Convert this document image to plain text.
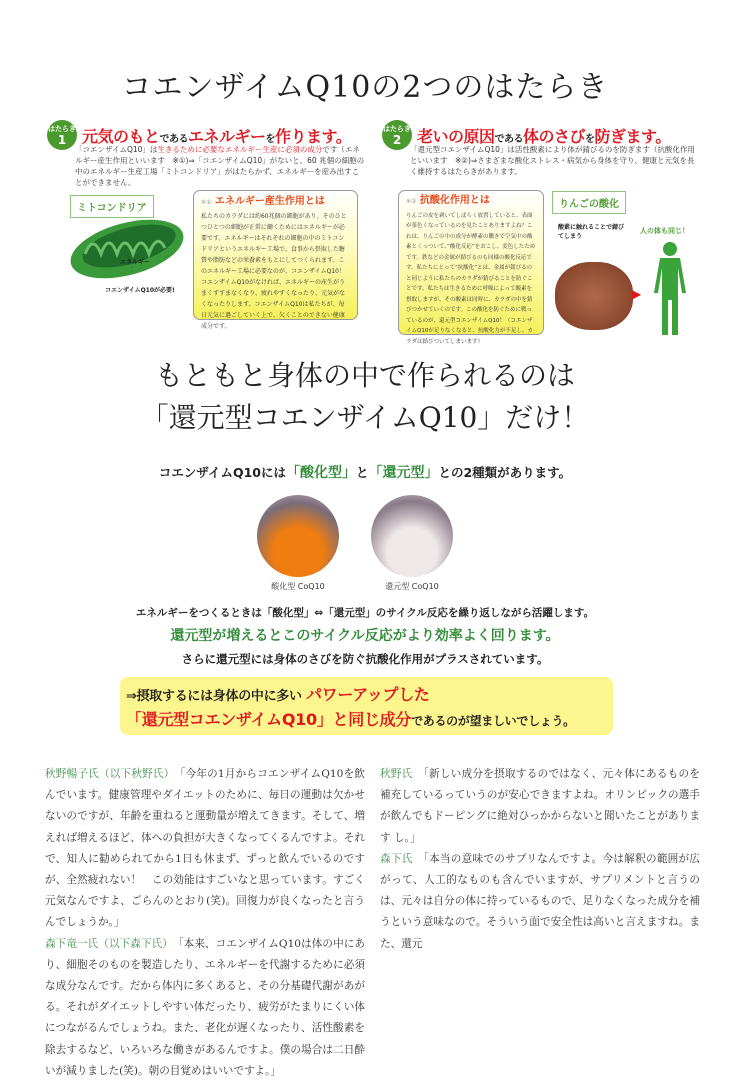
コエンザイムQ10の2つのはたらき
はたらき
1 元気のもとであるエネルギーを作ります。
「コエンザイムQ10」は生きるために必要なエネルギー生産に必須の成分です（エネルギー産生作用といいます　※①)⇒「コエンザイムQ10」がないと、60 兆個の細胞の中のエネルギー生産工場「ミトコンドリア」がはたらかず、エネルギーを産み出すことができません。
ミトコンドリア
エネルギー
↑
コエンザイムQ10が必要!
※① エネルギー産生作用とは
私たちのカラダには約60兆個の細胞があり、そのひとつひとつの細胞が正常に働くためにはエネルギーが必要です。エネルギーはそれぞれの細胞の中のミトコンドリアというエネルギー工場で、食事から摂取した糖質や脂肪などの栄養素をもとにしてつくられます。このエネルギー工場に必要なのが、コエンザイムQ10！コエンザイムQ10がなければ、エネルギーの産生がうまくすすまなくなり、疲れやすくなったり、元気がなくなったりします。コエンザイムQ10は私たちが、毎日元気に過ごしていく上で、欠くことのできない健康成分です。
はたらき
2 老いの原因である体のさびを防ぎます。
「還元型コエンザイムQ10」は活性酸素により体が錆びるのを防ぎます（抗酸化作用といいます　※②)⇒さまざまな酸化ストレス・病気から身体を守り、健康と元気を長く維持するはたらきがあります。
※② 抗酸化作用とは
りんごの皮を剥いてしばらく放置していると、表面が茶色くなっているのを見たことありますよね？これは、りんごの中の成分が酵素の働きで空気中の酸素とくっついて、”酸化反応”をおこし、変色したためです。鉄などの金属が錆びるのも同様の酸化反応です。私たちにとって”抗酸化”とは、金属が錆びるのと同じように私たちのカラダが錆びることを防ぐことです。私たちは生きるために呼吸によって酸素を摂取しますが、その酸素は同時に、カラダの中を錆びつかせていくのです。この酸化を防ぐために戦っているのが、還元型コエンザイムQ10！（コエンザイムQ10が足りなくなると、抗酸化力が不足し、カラダは錆びついてしまいます）
りんごの酸化
酸素に触れることで錆びてしまう
▶
人の体も同じ！
もともと身体の中で作られるのは
「還元型コエンザイムQ10」だけ！
コエンザイムQ10には「酸化型」と「還元型」との2種類があります。
酸化型 CoQ10	還元型 CoQ10
エネルギーをつくるときは「酸化型」⇔「還元型」のサイクル反応を繰り返しながら活躍します。
還元型が増えるとこのサイクル反応がより効率よく回ります。
さらに還元型には身体のさびを防ぐ抗酸化作用がプラスされています。
⇒摂取するには身体の中に多い パワーアップした
「還元型コエンザイムQ10」と同じ成分であるのが望ましいでしょう。
秋野暢子氏（以下秋野氏）　 「今年の1月からコエンザイムQ10を飲んでいます。健康管理やダイエットのために、毎日の運動は欠かせないのですが、年齢を重ねると運動量が増えてきます。そして、増えれば増えるほど、体への負担が大きくなってくるんですよ。それで、知人に勧められてから1日も休まず、ずっと飲んでいるのですが、全然疲れない！　この効能はすごいなと思っています。すごく元気なんですよ、ごらんのとおり(笑)。回復力が良くなったと言うんでしょうか。」
森下竜一氏（以下森下氏）　 「本来、コエンザイムQ10は体の中にあり、細胞そのものを製造したり、エネルギーを代謝するために必須な成分なんです。だから体内に多くあると、その分基礎代謝があがる。それがダイエットしやすい体だったり、疲労がたまりにくい体につながるんでしょうね。また、老化が遅くなったり、活性酸素を除去するなど、いろいろな働きがあるんですよ。僕の場合は二日酔いが減りました(笑)。朝の目覚めはいいですよ。」
秋野氏　 「新しい成分を摂取するのではなく、元々体にあるものを補充しているっていうのが安心できますよね。オリンピックの選手が飲んでもドーピングに絶対ひっかからないと聞いたことがあります し。」
森下氏　 「本当の意味でのサプリなんですよ。今は解釈の範囲が広がって、人工的なものも含んでいますが、サプリメントと言うのは、元々は自分の体に持っているもので、足りなくなった成分を補うという意味なので。そういう面で安全性は高いと言えますね。また、還元
